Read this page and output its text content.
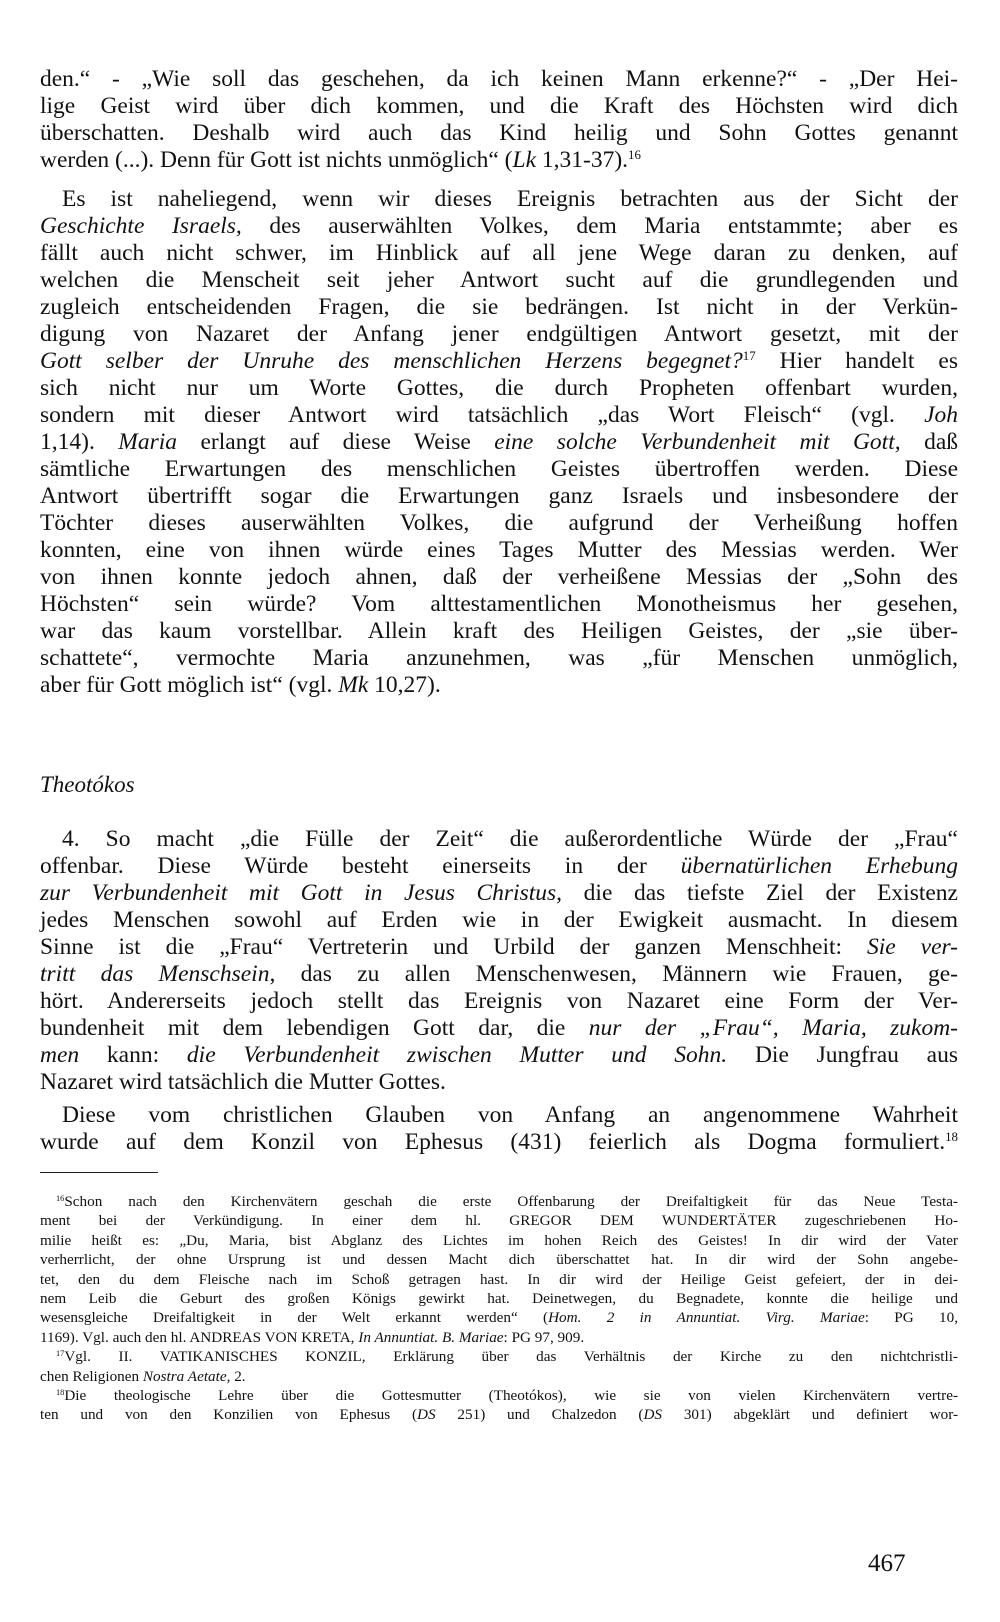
den.“ - „Wie soll das geschehen, da ich keinen Mann erkenne?“ - „Der Hei-
lige Geist wird über dich kommen, und die Kraft des Höchsten wird dich
überschatten. Deshalb wird auch das Kind heilig und Sohn Gottes genannt
werden (...). Denn für Gott ist nichts unmöglich“ (Lk 1,31-37).$^{16}$
Es ist naheliegend, wenn wir dieses Ereignis betrachten aus der Sicht der
Geschichte Israels, des auserwählten Volkes, dem Maria entstammte; aber es
fällt auch nicht schwer, im Hinblick auf all jene Wege daran zu denken, auf
welchen die Menscheit seit jeher Antwort sucht auf die grundlegenden und
zugleich entscheidenden Fragen, die sie bedrängen. Ist nicht in der Verkün-
digung von Nazaret der Anfang jener endgültigen Antwort gesetzt, mit der
Gott selber der Unruhe des menschlichen Herzens begegnet?$^{17}$ Hier handelt es
sich nicht nur um Worte Gottes, die durch Propheten offenbart wurden,
sondern mit dieser Antwort wird tatsächlich „das Wort Fleisch“ (vgl. Joh
1,14). Maria erlangt auf diese Weise eine solche Verbundenheit mit Gott, daß
sämtliche Erwartungen des menschlichen Geistes übertroffen werden. Diese
Antwort übertrifft sogar die Erwartungen ganz Israels und insbesondere der
Töchter dieses auserwählten Volkes, die aufgrund der Verheißung hoffen
konnten, eine von ihnen würde eines Tages Mutter des Messias werden. Wer
von ihnen konnte jedoch ahnen, daß der verheißene Messias der „Sohn des
Höchsten“ sein würde? Vom alttestamentlichen Monotheismus her gesehen,
war das kaum vorstellbar. Allein kraft des Heiligen Geistes, der „sie über-
schattete“, vermochte Maria anzunehmen, was „für Menschen unmöglich,
aber für Gott möglich ist“ (vgl. Mk 10,27).
Theotókos
4. So macht „die Fülle der Zeit“ die außerordentliche Würde der „Frau“
offenbar. Diese Würde besteht einerseits in der übernatürlichen Erhebung
zur Verbundenheit mit Gott in Jesus Christus, die das tiefste Ziel der Existenz
jedes Menschen sowohl auf Erden wie in der Ewigkeit ausmacht. In diesem
Sinne ist die „Frau“ Vertreterin und Urbild der ganzen Menschheit: Sie ver-
tritt das Menschsein, das zu allen Menschenwesen, Männern wie Frauen, ge-
hört. Andererseits jedoch stellt das Ereignis von Nazaret eine Form der Ver-
bundenheit mit dem lebendigen Gott dar, die nur der „Frau“, Maria, zukom-
men kann: die Verbundenheit zwischen Mutter und Sohn. Die Jungfrau aus
Nazaret wird tatsächlich die Mutter Gottes.
Diese vom christlichen Glauben von Anfang an angenommene Wahrheit
wurde auf dem Konzil von Ephesus (431) feierlich als Dogma formuliert.$^{18}$
$^{16}$Schon nach den Kirchenvätern geschah die erste Offenbarung der Dreifaltigkeit für das Neue Testa-
ment bei der Verkündigung. In einer dem hl. GREGOR DEM WUNDERTÄTER zugeschriebenen Ho-
milie heißt es: „Du, Maria, bist Abglanz des Lichtes im hohen Reich des Geistes! In dir wird der Vater
verherrlicht, der ohne Ursprung ist und dessen Macht dich überschattet hat. In dir wird der Sohn angebe-
tet, den du dem Fleische nach im Schoß getragen hast. In dir wird der Heilige Geist gefeiert, der in dei-
nem Leib die Geburt des großen Königs gewirkt hat. Deinetwegen, du Begnadete, konnte die heilige und
wesensgleiche Dreifaltigkeit in der Welt erkannt werden“ (Hom. 2 in Annuntiat. Virg. Mariae: PG 10,
1169). Vgl. auch den hl. ANDREAS VON KRETA, In Annuntiat. B. Mariae: PG 97, 909.
$^{17}$Vgl. II. VATIKANISCHES KONZIL, Erklärung über das Verhältnis der Kirche zu den nichtchristli-
chen Religionen Nostra Aetate, 2.
$^{18}$Die theologische Lehre über die Gottesmutter (Theotókos), wie sie von vielen Kirchenvätern vertre-
ten und von den Konzilien von Ephesus (DS 251) und Chalzedon (DS 301) abgeklärt und definiert wor-
467
